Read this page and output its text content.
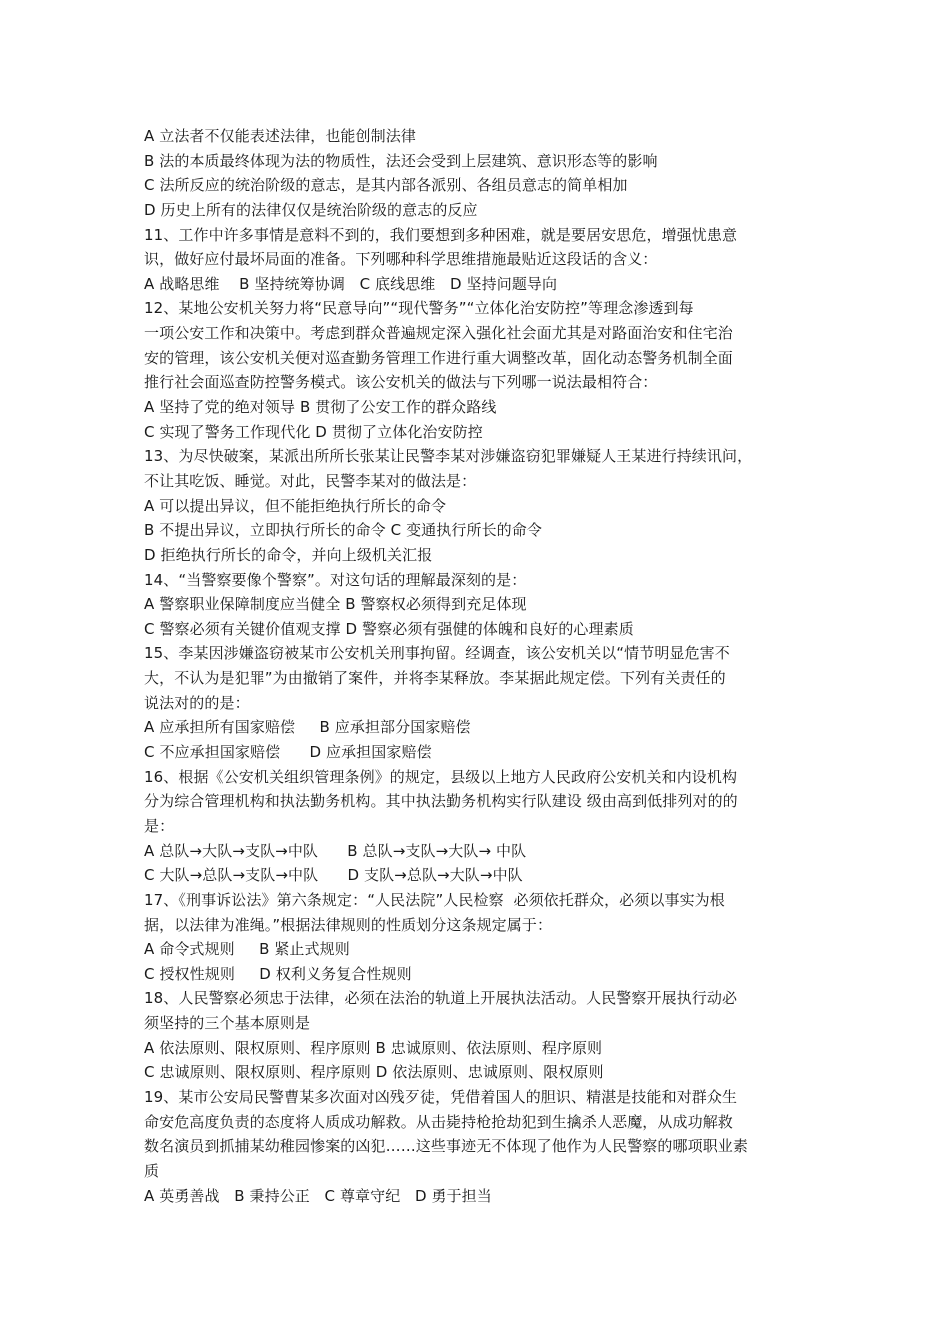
A 立法者不仅能表述法律，也能创制法律
B 法的本质最终体现为法的物质性，法还会受到上层建筑、意识形态等的影响
C 法所反应的统治阶级的意志，是其内部各派别、各组员意志的简单相加
D 历史上所有的法律仅仅是统治阶级的意志的反应
11、工作中许多事情是意料不到的，我们要想到多种困难，就是要居安思危，增强忧患意
识，做好应付最坏局面的准备。下列哪种科学思维措施最贴近这段话的含义：
A 战略思维    B 坚持统筹协调   C 底线思维   D 坚持问题导向
12、某地公安机关努力将“民意导向”“现代警务”“立体化治安防控”等理念渗透到每
一项公安工作和决策中。考虑到群众普遍规定深入强化社会面尤其是对路面治安和住宅治
安的管理，该公安机关便对巡查勤务管理工作进行重大调整改革，固化动态警务机制全面
推行社会面巡查防控警务模式。该公安机关的做法与下列哪一说法最相符合：
A 坚持了党的绝对领导 B 贯彻了公安工作的群众路线
C 实现了警务工作现代化 D 贯彻了立体化治安防控
13、为尽快破案，某派出所所长张某让民警李某对涉嫌盗窃犯罪嫌疑人王某进行持续讯问，
不让其吃饭、睡觉。对此，民警李某对的做法是：
A 可以提出异议，但不能拒绝执行所长的命令
B 不提出异议，立即执行所长的命令 C 变通执行所长的命令
D 拒绝执行所长的命令，并向上级机关汇报
14、“当警察要像个警察”。对这句话的理解最深刻的是：
A 警察职业保障制度应当健全 B 警察权必须得到充足体现
C 警察必须有关键价值观支撑 D 警察必须有强健的体魄和良好的心理素质
15、李某因涉嫌盗窃被某市公安机关刑事拘留。经调查，该公安机关以“情节明显危害不
大，不认为是犯罪”为由撤销了案件，并将李某释放。李某据此规定偿。下列有关责任的
说法对的的是：
A 应承担所有国家赔偿     B 应承担部分国家赔偿
C 不应承担国家赔偿      D 应承担国家赔偿
16、根据《公安机关组织管理条例》的规定，县级以上地方人民政府公安机关和内设机构
分为综合管理机构和执法勤务机构。其中执法勤务机构实行队建设 级由高到低排列对的的
是：
A 总队→大队→支队→中队      B 总队→支队→大队→ 中队
C 大队→总队→支队→中队      D 支队→总队→大队→中队
17、《刑事诉讼法》第六条规定：“人民法院”人民检察  必须依托群众，必须以事实为根
据，以法律为准绳。”根据法律规则的性质划分这条规定属于：
A 命令式规则     B 紧止式规则
C 授权性规则     D 权利义务复合性规则
18、人民警察必须忠于法律，必须在法治的轨道上开展执法活动。人民警察开展执行动必
须坚持的三个基本原则是
A 依法原则、限权原则、程序原则 B 忠诚原则、依法原则、程序原则
C 忠诚原则、限权原则、程序原则 D 依法原则、忠诚原则、限权原则
19、某市公安局民警曹某多次面对凶残歹徒，凭借着国人的胆识、精湛是技能和对群众生
命安危高度负责的态度将人质成功解救。从击毙持枪抢劫犯到生擒杀人恶魔，从成功解救
数名演员到抓捕某幼稚园惨案的凶犯……这些事迹无不体现了他作为人民警察的哪项职业素
质
A 英勇善战   B 秉持公正   C 尊章守纪   D 勇于担当
